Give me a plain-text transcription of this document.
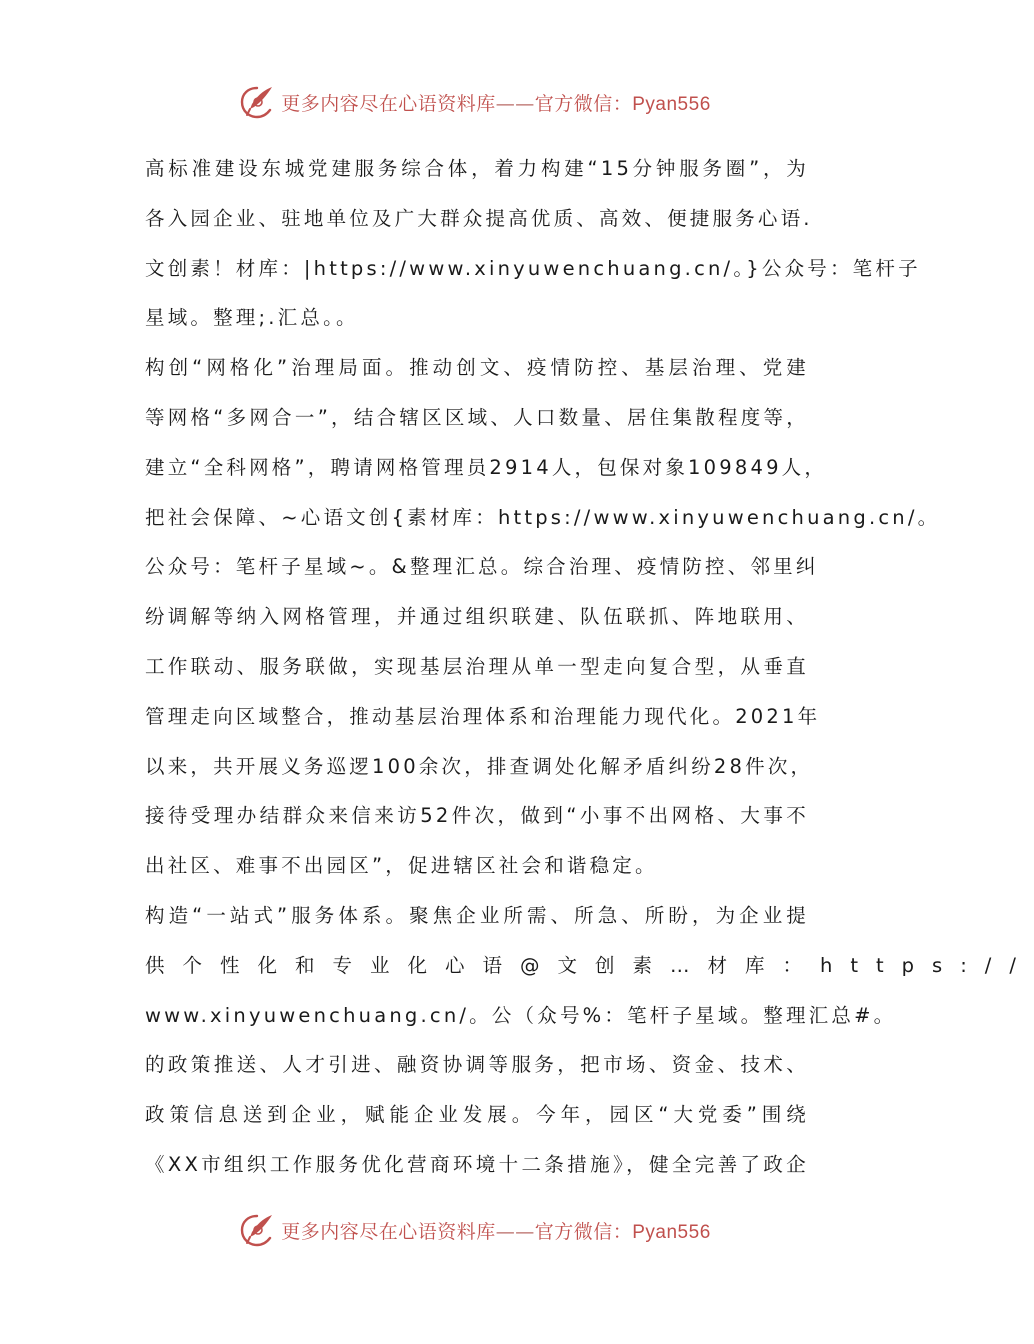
更多内容尽在心语资料库——官方微信：Pyan556
高标准建设东城党建服务综合体，着力构建“15分钟服务圈”，为
各入园企业、驻地单位及广大群众提高优质、高效、便捷服务心语.
文创素！材库：|https://www.xinyuwenchuang.cn/。}公众号：笔杆子
星域。整理;.汇总。。
构创“网格化”治理局面。推动创文、疫情防控、基层治理、党建
等网格“多网合一”，结合辖区区域、人口数量、居住集散程度等，
建立“全科网格”，聘请网格管理员2914人，包保对象109849人，
把社会保障、~心语文创{素材库：https://www.xinyuwenchuang.cn/。
公众号：笔杆子星域~。&整理汇总。综合治理、疫情防控、邻里纠
纷调解等纳入网格管理，并通过组织联建、队伍联抓、阵地联用、
工作联动、服务联做，实现基层治理从单一型走向复合型，从垂直
管理走向区域整合，推动基层治理体系和治理能力现代化。2021年
以来，共开展义务巡逻100余次，排查调处化解矛盾纠纷28件次，
接待受理办结群众来信来访52件次，做到“小事不出网格、大事不
出社区、难事不出园区”，促进辖区社会和谐稳定。
构造“一站式”服务体系。聚焦企业所需、所急、所盼，为企业提
供个性化和专业化心语@文创素…材库：https://
www.xinyuwenchuang.cn/。公（众号%：笔杆子星域。整理汇总#。
的政策推送、人才引进、融资协调等服务，把市场、资金、技术、
政策信息送到企业，赋能企业发展。今年，园区“大党委”围绕
《XX市组织工作服务优化营商环境十二条措施》，健全完善了政企
更多内容尽在心语资料库——官方微信：Pyan556
